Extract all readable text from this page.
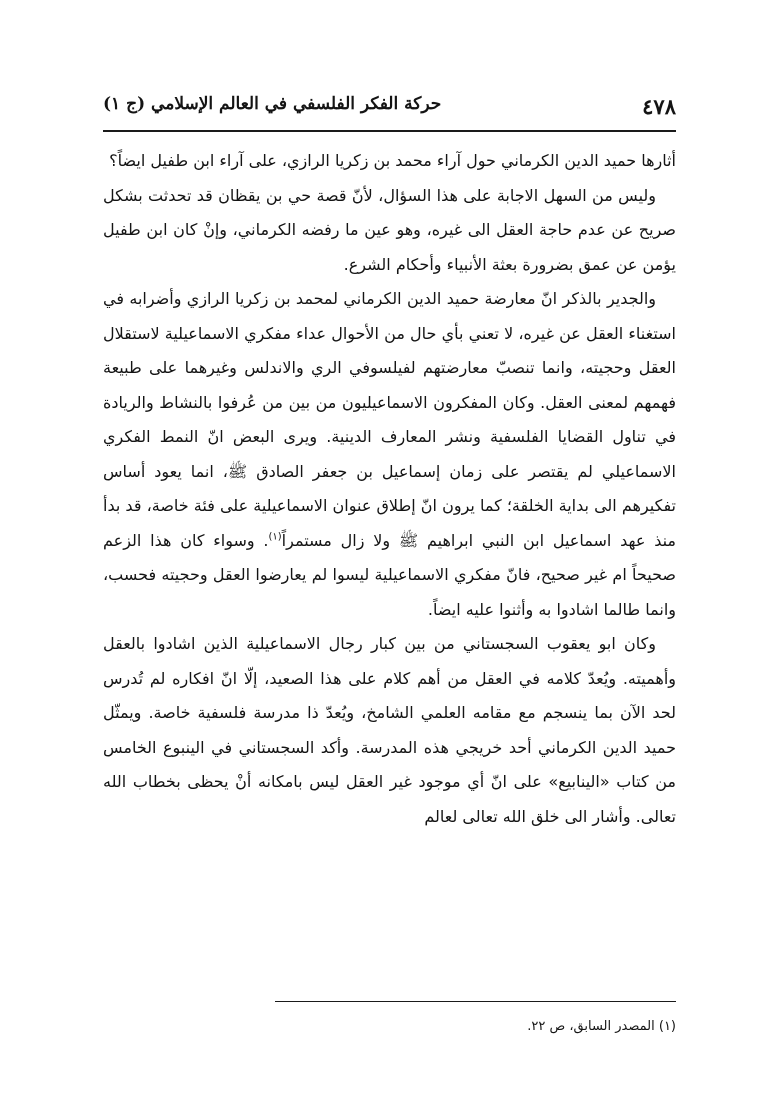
٤٧٨
حركة الفكر الفلسفي في العالم الإسلامي (ج ١)

أثارها حميد الدين الكرماني حول آراء محمد بن زكريا الرازي، على آراء ابن طفيل ايضاً؟

وليس من السهل الاجابة على هذا السؤال، لأنّ قصة حي بن يقظان قد تحدثت بشكل صريح عن عدم حاجة العقل الى غيره، وهو عين ما رفضه الكرماني، وإنْ كان ابن طفيل يؤمن عن عمق بضرورة بعثة الأنبياء وأحكام الشرع.

والجدير بالذكر انّ معارضة حميد الدين الكرماني لمحمد بن زكريا الرازي وأضرابه في استغناء العقل عن غيره، لا تعني بأي حال من الأحوال عداء مفكري الاسماعيلية لاستقلال العقل وحجيته، وانما تنصبّ معارضتهم لفيلسوفي الري والاندلس وغيرهما على طبيعة فهمهم لمعنى العقل. وكان المفكرون الاسماعيليون من بين من عُرفوا بالنشاط والريادة في تناول القضايا الفلسفية ونشر المعارف الدينية. ويرى البعض انّ النمط الفكري الاسماعيلي لم يقتصر على زمان إسماعيل بن جعفر الصادق ﷺ، انما يعود أساس تفكيرهم الى بداية الخلقة؛ كما يرون انّ إطلاق عنوان الاسماعيلية على فئة خاصة، قد بدأ منذ عهد اسماعيل ابن النبي ابراهيم ﷺ ولا زال مستمراً$^{(١)}$. وسواء كان هذا الزعم صحيحاً ام غير صحيح، فانّ مفكري الاسماعيلية ليسوا لم يعارضوا العقل وحجيته فحسب، وانما طالما اشادوا به وأثنوا عليه ايضاً.

وكان ابو يعقوب السجستاني من بين كبار رجال الاسماعيلية الذين اشادوا بالعقل وأهميته. ويُعدّ كلامه في العقل من أهم كلام على هذا الصعيد، إلّا انّ افكاره لم تُدرس لحد الآن بما ينسجم مع مقامه العلمي الشامخ، ويُعدّ ذا مدرسة فلسفية خاصة. ويمثّل حميد الدين الكرماني أحد خريجي هذه المدرسة. وأكد السجستاني في الينبوع الخامس من كتاب «الينابيع» على انّ أي موجود غير العقل ليس بامكانه أنْ يحظى بخطاب الله تعالى. وأشار الى خلق الله تعالى لعالم

(١) المصدر السابق، ص ٢٢.
